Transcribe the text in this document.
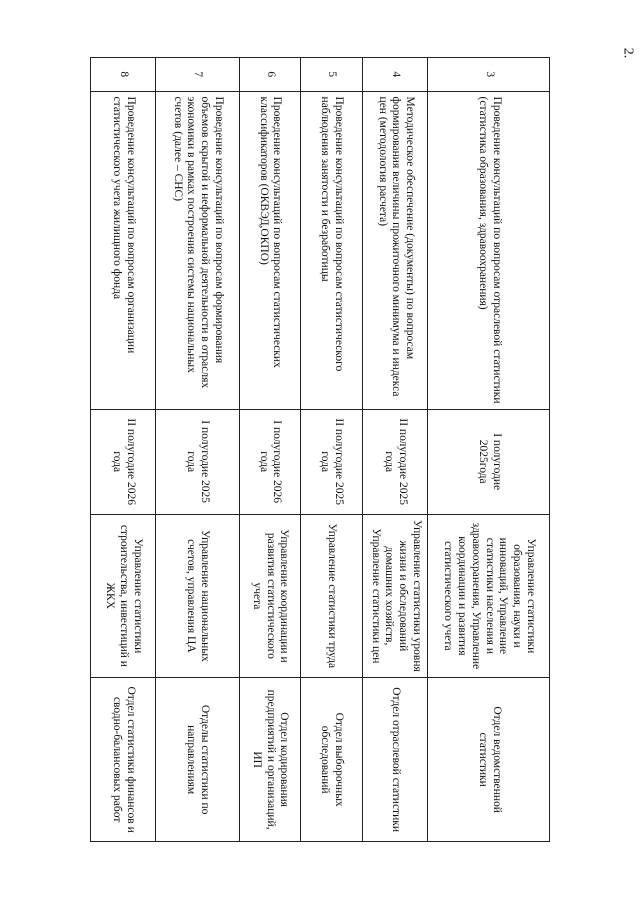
2.
3	Проведение консультаций по вопросам отраслевой статистики (статистика образования, здравоохранения)	I полугодие 2025года	Управление статистики образования, науки и инноваций, Управление статистики населения и здравоохранения, Управление координации и развития статистического учета	Отдел ведомственной статистики
4	Методическое обеспечение (документы) по вопросам формирования величины прожиточного минимума и индекса цен (методология расчета)	II полугодие 2025 года	Управление статистики уровня жизни и обследований домашних хозяйств, Управление статистики цен	Отдел отраслевой статистики
5	Проведение консультаций по вопросам статистического наблюдения занятости и безработицы	II полугодие 2025 года	Управление статистики труда	Отдел выборочных обследований
6	Проведение консультаций по вопросам статистических классификаторов (ОКВЭД,ОКПО)	I полугодие 2026 года	Управление координации и развития статистического учета	Отдел кодирования предприятий и организаций, ИП
7	Проведение консультаций по вопросам формирования объемов скрытой и неформальной деятельности в отраслях экономики в рамках построения системы национальных счетов (далее – СНС)	I полугодие 2025 года	Управление национальных счетов, управления ЦА	Отделы статистики по направлениям
8	Проведение консультаций по вопросам организации статистического учета жилищного фонда	II полугодие 2026 года	Управление статистики строительства, инвестиций и ЖКХ	Отдел статистики финансов и сводно-балансовых работ
